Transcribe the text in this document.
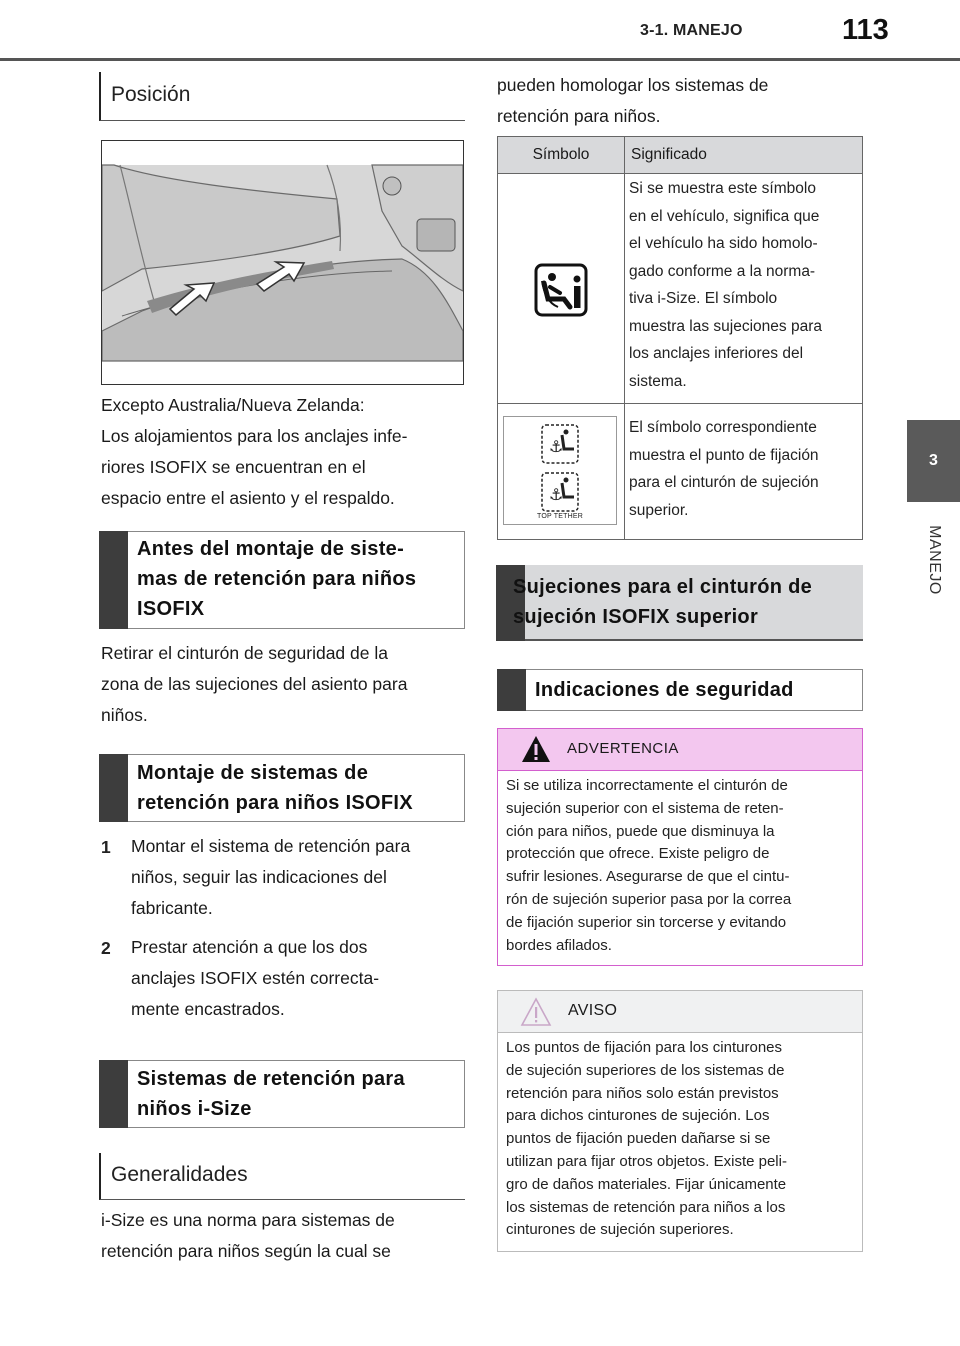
3-1. MANEJO	113
3
MANEJO
Posición
Excepto Australia/Nueva Zelanda:
Los alojamientos para los anclajes infe-
riores ISOFIX se encuentran en el
espacio entre el asiento y el respaldo.
Antes del montaje de siste-
mas de retención para niños
ISOFIX
Retirar el cinturón de seguridad de la
zona de las sujeciones del asiento para
niños.
Montaje de sistemas de
retención para niños ISOFIX
1 Montar el sistema de retención para
niños, seguir las indicaciones del
fabricante.
2 Prestar atención a que los dos
anclajes ISOFIX estén correcta-
mente encastrados.
Sistemas de retención para
niños i-Size
Generalidades
i-Size es una norma para sistemas de
retención para niños según la cual se
pueden homologar los sistemas de
retención para niños.
Símbolo	Significado
Si se muestra este símbolo
en el vehículo, significa que
el vehículo ha sido homolo-
gado conforme a la norma-
tiva i-Size. El símbolo
muestra las sujeciones para
los anclajes inferiores del
sistema.
⚓
⚓
TOP TETHER
El símbolo correspondiente
muestra el punto de fijación
para el cinturón de sujeción
superior.
Sujeciones para el cinturón de
sujeción ISOFIX superior
Indicaciones de seguridad
ADVERTENCIA
Si se utiliza incorrectamente el cinturón de
sujeción superior con el sistema de reten-
ción para niños, puede que disminuya la
protección que ofrece. Existe peligro de
sufrir lesiones. Asegurarse de que el cintu-
rón de sujeción superior pasa por la correa
de fijación superior sin torcerse y evitando
bordes afilados.
AVISO
Los puntos de fijación para los cinturones
de sujeción superiores de los sistemas de
retención para niños solo están previstos
para dichos cinturones de sujeción. Los
puntos de fijación pueden dañarse si se
utilizan para fijar otros objetos. Existe peli-
gro de daños materiales. Fijar únicamente
los sistemas de retención para niños a los
cinturones de sujeción superiores.
